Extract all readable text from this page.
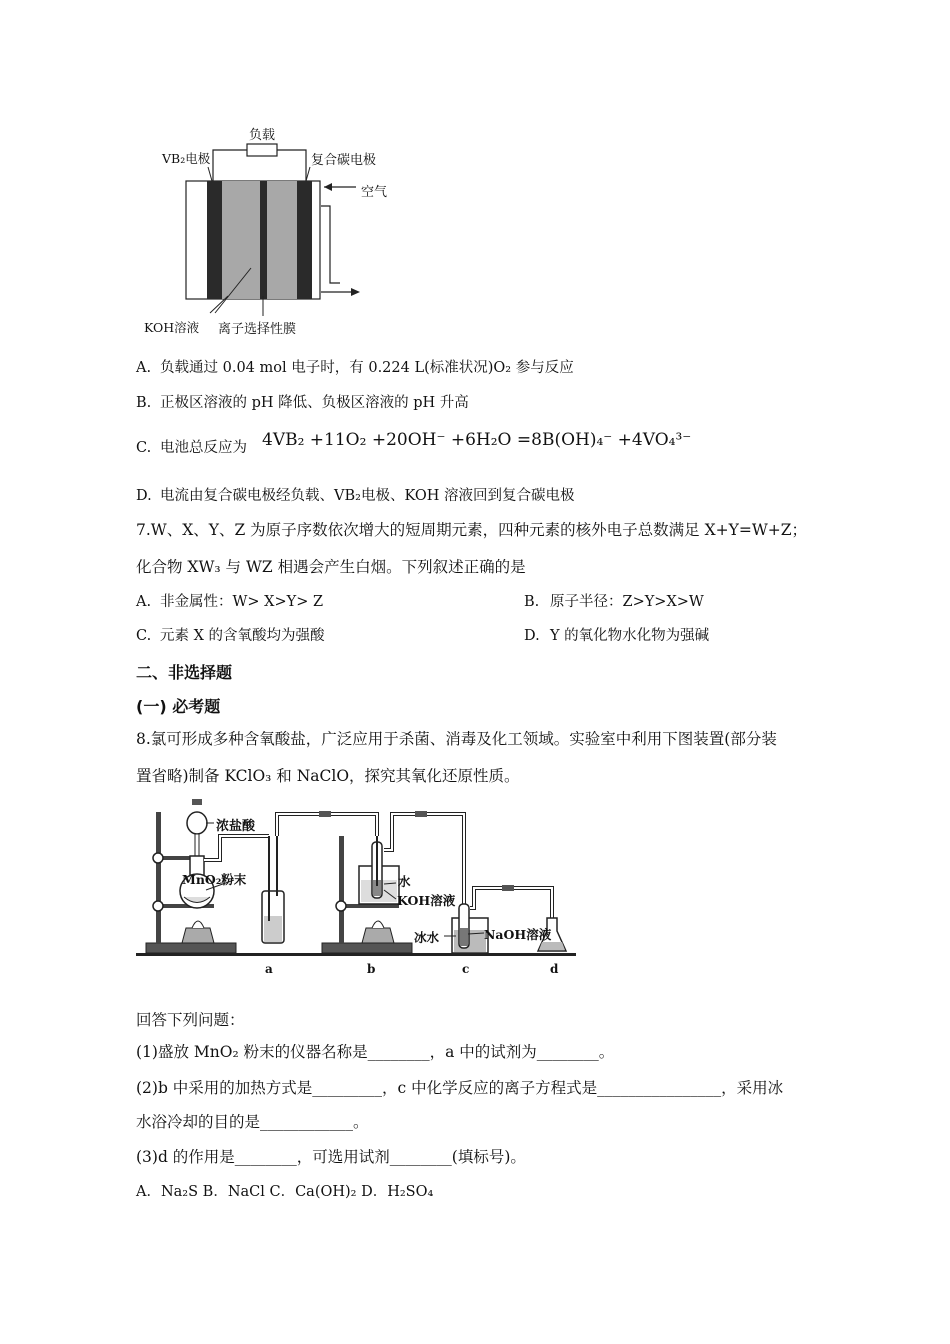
负载
VB₂电极	复合碳电极
空气
KOH溶液 离子选择性膜
A. 负载通过 0.04 mol 电子时，有 0.224 L(标准状况)O₂ 参与反应
B. 正极区溶液的 pH 降低、负极区溶液的 pH 升高
C. 电池总反应为 4VB₂ +11O₂ +20OH⁻ +6H₂O =8B(OH)₄⁻ +4VO₄³⁻
D. 电流由复合碳电极经负载、VB₂电极、KOH 溶液回到复合碳电极
7.W、X、Y、Z 为原子序数依次增大的短周期元素，四种元素的核外电子总数满足 X+Y=W+Z；
化合物 XW₃ 与 WZ 相遇会产生白烟。下列叙述正确的是
A. 非金属性：W> X>Y> Z	B. 原子半径：Z>Y>X>W
C. 元素 X 的含氧酸均为强酸	D. Y 的氧化物水化物为强碱
二、非选择题
(一) 必考题
8.氯可形成多种含氧酸盐，广泛应用于杀菌、消毒及化工领域。实验室中利用下图装置(部分装
置省略)制备 KClO₃ 和 NaClO，探究其氧化还原性质。
浓盐酸
MnO₂粉末	水
KOH溶液
冰水	NaOH溶液
a	b	c	d
回答下列问题：
(1)盛放 MnO₂ 粉末的仪器名称是________，a 中的试剂为________。
(2)b 中采用的加热方式是_________，c 中化学反应的离子方程式是________________，采用冰
水浴冷却的目的是____________。
(3)d 的作用是________，可选用试剂________(填标号)。
A．Na₂S B．NaCl C．Ca(OH)₂ D．H₂SO₄
